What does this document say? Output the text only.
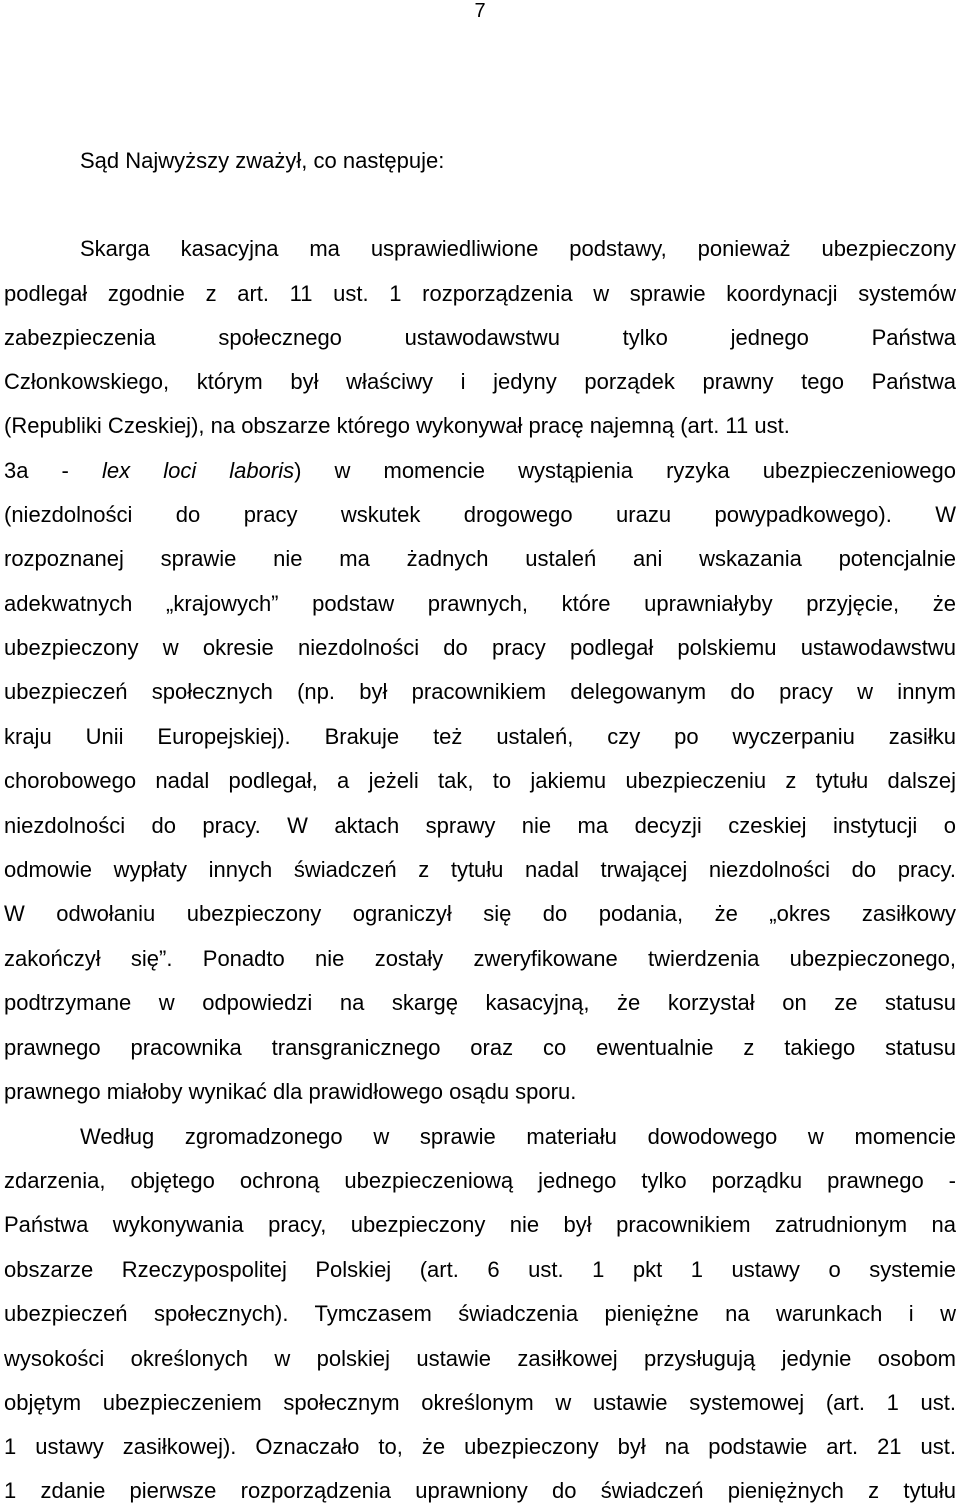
7
Sąd Najwyższy zważył, co następuje:
Skarga kasacyjna ma usprawiedliwione podstawy, ponieważ ubezpieczony
podlegał zgodnie z art. 11 ust. 1 rozporządzenia w sprawie koordynacji systemów
zabezpieczenia społecznego ustawodawstwu tylko jednego Państwa
Członkowskiego, którym był właściwy i jedyny porządek prawny tego Państwa
(Republiki Czeskiej), na obszarze którego wykonywał pracę najemną (art. 11 ust.
3a - lex loci laboris) w momencie wystąpienia ryzyka ubezpieczeniowego
(niezdolności do pracy wskutek drogowego urazu powypadkowego). W
rozpoznanej sprawie nie ma żadnych ustaleń ani wskazania potencjalnie
adekwatnych „krajowych” podstaw prawnych, które uprawniałyby przyjęcie, że
ubezpieczony w okresie niezdolności do pracy podlegał polskiemu ustawodawstwu
ubezpieczeń społecznych (np. był pracownikiem delegowanym do pracy w innym
kraju Unii Europejskiej). Brakuje też ustaleń, czy po wyczerpaniu zasiłku
chorobowego nadal podlegał, a jeżeli tak, to jakiemu ubezpieczeniu z tytułu dalszej
niezdolności do pracy. W aktach sprawy nie ma decyzji czeskiej instytucji o
odmowie wypłaty innych świadczeń z tytułu nadal trwającej niezdolności do pracy.
W odwołaniu ubezpieczony ograniczył się do podania, że „okres zasiłkowy
zakończył się”. Ponadto nie zostały zweryfikowane twierdzenia ubezpieczonego,
podtrzymane w odpowiedzi na skargę kasacyjną, że korzystał on ze statusu
prawnego pracownika transgranicznego oraz co ewentualnie z takiego statusu
prawnego miałoby wynikać dla prawidłowego osądu sporu.
Według zgromadzonego w sprawie materiału dowodowego w momencie
zdarzenia, objętego ochroną ubezpieczeniową jednego tylko porządku prawnego -
Państwa wykonywania pracy, ubezpieczony nie był pracownikiem zatrudnionym na
obszarze Rzeczypospolitej Polskiej (art. 6 ust. 1 pkt 1 ustawy o systemie
ubezpieczeń społecznych). Tymczasem świadczenia pieniężne na warunkach i w
wysokości określonych w polskiej ustawie zasiłkowej przysługują jedynie osobom
objętym ubezpieczeniem społecznym określonym w ustawie systemowej (art. 1 ust.
1 ustawy zasiłkowej). Oznaczało to, że ubezpieczony był na podstawie art. 21 ust.
1 zdanie pierwsze rozporządzenia uprawniony do świadczeń pieniężnych z tytułu
